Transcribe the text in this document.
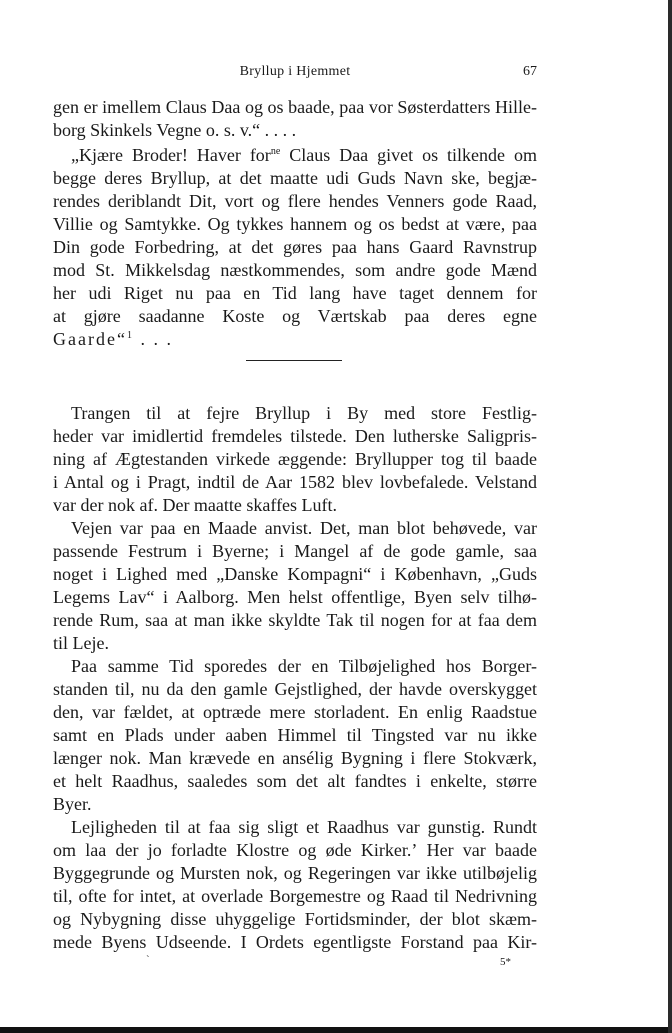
Bryllup i Hjemmet	67
gen er imellem Claus Daa og os baade, paa vor Søsterdatters Hille-
borg Skinkels Vegne o. s. v.“ . . . .
„Kjære Broder! Haver for$^{ne}$ Claus Daa givet os tilkende om
begge deres Bryllup, at det maatte udi Guds Navn ske, begjæ-
rendes deriblandt Dit, vort og flere hendes Venners gode Raad,
Villie og Samtykke. Og tykkes hannem og os bedst at være, paa
Din gode Forbedring, at det gøres paa hans Gaard Ravnstrup
mod St. Mikkelsdag næstkommendes, som andre gode Mænd
her udi Riget nu paa en Tid lang have taget dennem for
at gjøre saadanne Koste og Værtskab paa deres egne
Gaarde“$^1$ . . .
Trangen til at fejre Bryllup i By med store Festlig-
heder var imidlertid fremdeles tilstede. Den lutherske Saligpris-
ning af Ægtestanden virkede æggende: Bryllupper tog til baade
i Antal og i Pragt, indtil de Aar 1582 blev lovbefalede. Velstand
var der nok af. Der maatte skaffes Luft.
Vejen var paa en Maade anvist. Det, man blot behøvede, var
passende Festrum i Byerne; i Mangel af de gode gamle, saa
noget i Lighed med „Danske Kompagni“ i København, „Guds
Legems Lav“ i Aalborg. Men helst offentlige, Byen selv tilhø-
rende Rum, saa at man ikke skyldte Tak til nogen for at faa dem
til Leje.
Paa samme Tid sporedes der en Tilbøjelighed hos Borger-
standen til, nu da den gamle Gejstlighed, der havde overskygget
den, var fældet, at optræde mere storladent. En enlig Raadstue
samt en Plads under aaben Himmel til Tingsted var nu ikke
længer nok. Man krævede en ansélig Bygning i flere Stokværk,
et helt Raadhus, saaledes som det alt fandtes i enkelte, større
Byer.
Lejligheden til at faa sig sligt et Raadhus var gunstig. Rundt
om laa der jo forladte Klostre og øde Kirker.ʼ Her var baade
Byggegrunde og Mursten nok, og Regeringen var ikke utilbøjelig
til, ofte for intet, at overlade Borgemestre og Raad til Nedrivning
og Nybygning disse uhyggelige Fortidsminder, der blot skæm-
mede Byens Udseende. I Ordets egentligste Forstand paa Kir-
ˋ	5*
